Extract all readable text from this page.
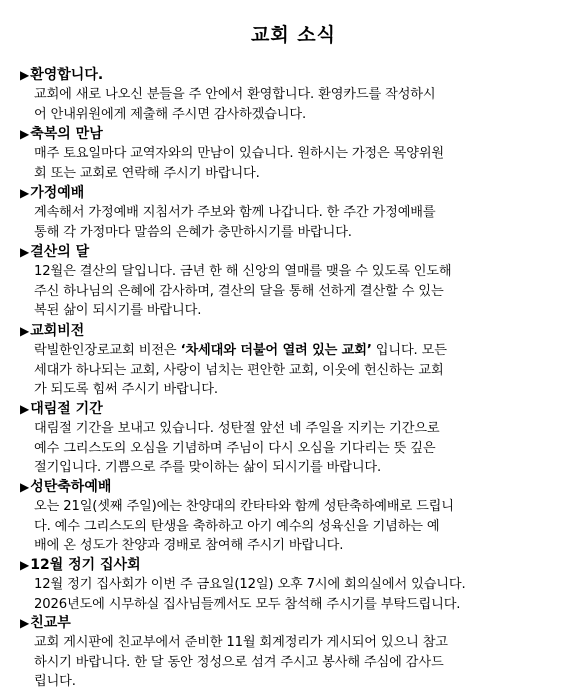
교회 소식
▶환영합니다.
교회에 새로 나오신 분들을 주 안에서 환영합니다. 환영카드를 작성하시
어 안내위원에게 제출해 주시면 감사하겠습니다.
▶축복의 만남
매주 토요일마다 교역자와의 만남이 있습니다. 원하시는 가정은 목양위원
회 또는 교회로 연락해 주시기 바랍니다.
▶가정예배
계속해서 가정예배 지침서가 주보와 함께 나갑니다. 한 주간 가정예배를
통해 각 가정마다 말씀의 은혜가 충만하시기를 바랍니다.
▶결산의 달
12월은 결산의 달입니다. 금년 한 해 신앙의 열매를 맺을 수 있도록 인도해
주신 하나님의 은혜에 감사하며, 결산의 달을 통해 선하게 결산할 수 있는
복된 삶이 되시기를 바랍니다.
▶교회비전
락빌한인장로교회 비전은 ‘차세대와 더불어 열려 있는 교회’ 입니다. 모든
세대가 하나되는 교회, 사랑이 넘치는 편안한 교회, 이웃에 헌신하는 교회
가 되도록 힘써 주시기 바랍니다.
▶대림절 기간
대림절 기간을 보내고 있습니다. 성탄절 앞선 네 주일을 지키는 기간으로
예수 그리스도의 오심을 기념하며 주님이 다시 오심을 기다리는 뜻 깊은
절기입니다. 기쁨으로 주를 맞이하는 삶이 되시기를 바랍니다.
▶성탄축하예배
오는 21일(셋째 주일)에는 찬양대의 칸타타와 함께 성탄축하예배로 드립니
다. 예수 그리스도의 탄생을 축하하고 아기 예수의 성육신을 기념하는 예
배에 온 성도가 찬양과 경배로 참여해 주시기 바랍니다.
▶12월 정기 집사회
12월 정기 집사회가 이번 주 금요일(12일) 오후 7시에 회의실에서 있습니다.
2026년도에 시무하실 집사님들께서도 모두 참석해 주시기를 부탁드립니다.
▶친교부
교회 게시판에 친교부에서 준비한 11월 회계정리가 게시되어 있으니 참고
하시기 바랍니다. 한 달 동안 정성으로 섬겨 주시고 봉사해 주심에 감사드
립니다.
